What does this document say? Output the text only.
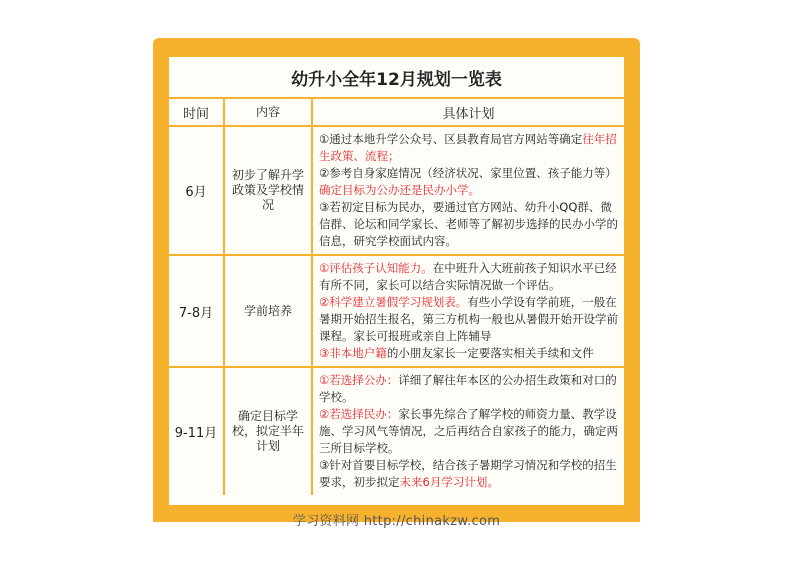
幼升小全年12月规划一览表
时间	内容	具体计划
6月	初步了解升学政策及学校情况	①通过本地升学公众号、区县教育局官方网站等确定往年招生政策、流程；
②参考自身家庭情况（经济状况、家里位置、孩子能力等）确定目标为公办还是民办小学。
③若初定目标为民办，要通过官方网站、幼升小QQ群、微信群、论坛和同学家长、老师等了解初步选择的民办小学的信息，研究学校面试内容。

7-8月	学前培养	①评估孩子认知能力。在中班升入大班前孩子知识水平已经有所不同，家长可以结合实际情况做一个评估。
②科学建立暑假学习规划表。有些小学设有学前班，一般在暑期开始招生报名，第三方机构一般也从暑假开始开设学前课程。家长可报班或亲自上阵辅导
③非本地户籍的小朋友家长一定要落实相关手续和文件

9-11月	确定目标学校，拟定半年计划	①若选择公办：详细了解往年本区的公办招生政策和对口的学校。
②若选择民办：家长事先综合了解学校的师资力量、教学设施、学习风气等情况，之后再结合自家孩子的能力，确定两三所目标学校。
③针对首要目标学校，结合孩子暑期学习情况和学校的招生要求，初步拟定未来6月学习计划。
学习资料网 http://chinakzw.com
